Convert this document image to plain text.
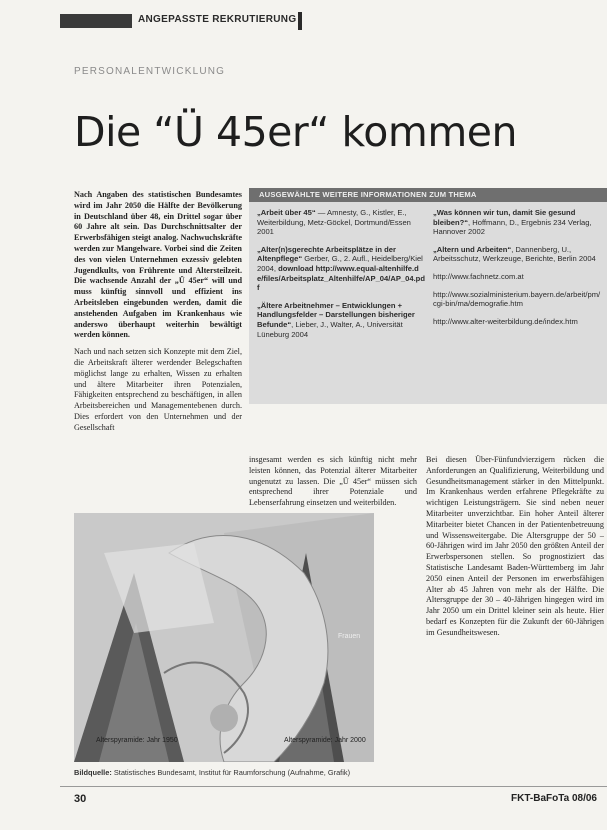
ANGEPASSTE REKRUTIERUNG
PERSONALENTWICKLUNG
Die “Ü 45er“ kommen

Nach Angaben des statistischen Bundesamtes wird im Jahr 2050 die Hälfte der Bevölkerung in Deutschland über 48, ein Drittel sogar über 60 Jahre alt sein. Das Durchschnittsalter der Erwerbsfähigen steigt analog. Nachwuchskräfte werden zur Mangelware. Vorbei sind die Zeiten des von vielen Unternehmen exzessiv gelebten Jugendkults, von Frührente und Altersteilzeit. Die wachsende Anzahl der „Ü 45er“ will und muss künftig sinnvoll und effizient ins Arbeitsleben eingebunden werden, damit die anstehenden Aufgaben im Krankenhaus wie anderswo überhaupt weiterhin bewältigt werden können.

Nach und nach setzen sich Konzepte mit dem Ziel, die Arbeitskraft älterer werdender Belegschaften möglichst lange zu erhalten, Wissen zu erhalten und ältere Mitarbeiter ihren Potenzialen, Fähigkeiten entsprechend zu beschäftigen, in allen Arbeitsbereichen und Managementebenen durch. Dies erfordert von den Unternehmen und der Gesellschaft

AUSGEWÄHLTE WEITERE INFORMATIONEN ZUM THEMA

„Arbeit über 45“ — Amnesty, G., Kistler, E., Weiterbildung, Metz-Göckel, Dortmund/Essen 2001

„Alter(n)sgerechte Arbeitsplätze in der Altenpflege“ Gerber, G., 2. Aufl., Heidelberg/Kiel 2004, download http://www.equal-altenhilfe.de/files/Arbeitsplatz_Altenhilfe/AP_04/AP_04.pdf

„Ältere Arbeitnehmer – Entwicklungen + Handlungsfelder – Darstellungen bisheriger Befunde“, Lieber, J., Walter, A., Universität Lüneburg 2004

„Was können wir tun, damit Sie gesund bleiben?“, Hoffmann, D., Ergebnis 234 Verlag, Hannover 2002

„Altern und Arbeiten“, Dannenberg, U., Arbeitsschutz, Werkzeuge, Berichte, Berlin 2004

http://www.fachnetz.com.at

http://www.sozialministerium.bayern.de/arbeit/pm/cgi-bin/ma/demografie.htm

http://www.alter-weiterbildung.de/index.htm

insgesamt werden es sich künftig nicht mehr leisten können, das Potenzial älterer Mitarbeiter ungenutzt zu lassen. Die „Ü 45er“ müssen sich entsprechend ihrer Potenziale und Lebenserfahrung einsetzen und weiterbilden.

Bei diesen Über-Fünfundvierzigern rücken die Anforderungen an Qualifizierung, Weiterbildung und Gesundheitsmanagement stärker in den Mittelpunkt. Im Krankenhaus werden erfahrene Pflegekräfte zu wichtigen Leistungsträgern. Sie sind neben neuer Mitarbeiter unverzichtbar. Ein hoher Anteil älterer Mitarbeiter bietet Chancen in der Patientenbetreuung und Wissensweitergabe. Die Altersgruppe der 50 – 60-Jährigen wird im Jahr 2050 den größten Anteil der Erwerbspersonen stellen. So prognostiziert das Statistische Landesamt Baden-Württemberg im Jahr 2050 einen Anteil der Personen im erwerbsfähigen Alter ab 45 Jahren von mehr als der Hälfte. Die Altersgruppe der 30 – 40-Jährigen hingegen wird im Jahr 2050 um ein Drittel kleiner sein als heute. Hier bedarf es Konzepten für die Zukunft der 60-Jährigen im Gesundheitswesen.

Alterspyramide: Jahr 1950	Alterspyramide: Jahr 2000
Frauen
Bildquelle: Statistisches Bundesamt, Institut für Raumforschung (Aufnahme, Grafik)
30	FKT-BaFoTa 08/06
